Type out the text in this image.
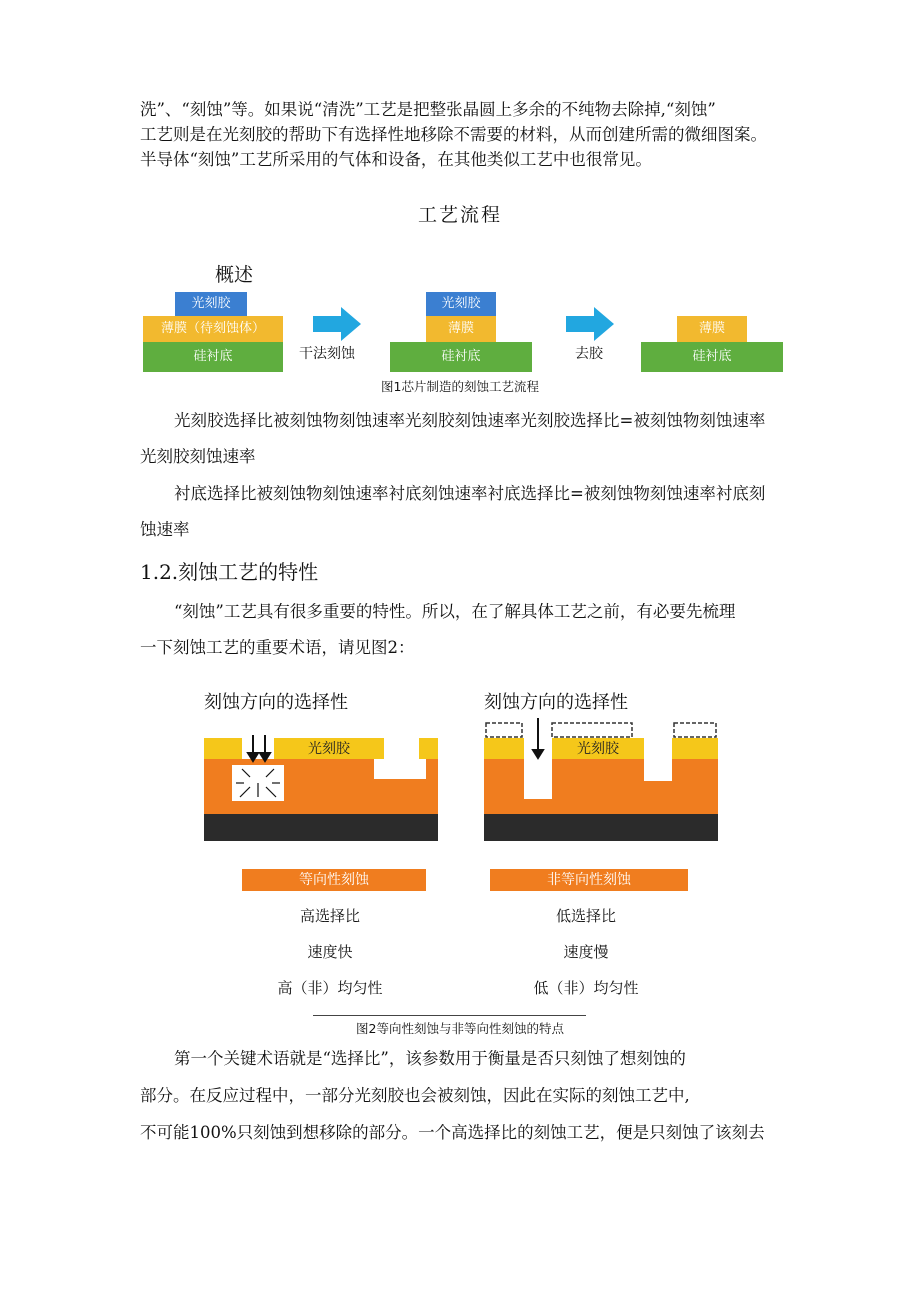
洗”、“刻蚀”等。如果说“清洗”工艺是把整张晶圆上多余的不纯物去除掉,“刻蚀”
工艺则是在光刻胶的帮助下有选择性地移除不需要的材料，从而创建所需的微细图案。
半导体“刻蚀”工艺所采用的气体和设备，在其他类似工艺中也很常见。
工艺流程
概述
光刻胶
薄膜（待刻蚀体）
硅衬底	干法刻蚀
光刻胶
薄膜
硅衬底	去胶
薄膜
硅衬底
图1芯片制造的刻蚀工艺流程
光刻胶选择比被刻蚀物刻蚀速率光刻胶刻蚀速率光刻胶选择比=被刻蚀物刻蚀速率
光刻胶刻蚀速率
衬底选择比被刻蚀物刻蚀速率衬底刻蚀速率衬底选择比=被刻蚀物刻蚀速率衬底刻
蚀速率
1.2.刻蚀工艺的特性
“刻蚀”工艺具有很多重要的特性。所以，在了解具体工艺之前，有必要先梳理
一下刻蚀工艺的重要术语，请见图2：
刻蚀方向的选择性
光刻胶
刻蚀方向的选择性
光刻胶
等向性刻蚀	非等向性刻蚀
高选择比
速度快
高（非）均匀性
低选择比
速度慢
低（非）均匀性
图2等向性刻蚀与非等向性刻蚀的特点
第一个关键术语就是“选择比”，该参数用于衡量是否只刻蚀了想刻蚀的
部分。在反应过程中，一部分光刻胶也会被刻蚀，因此在实际的刻蚀工艺中,
不可能100%只刻蚀到想移除的部分。一个高选择比的刻蚀工艺，便是只刻蚀了该刻去
